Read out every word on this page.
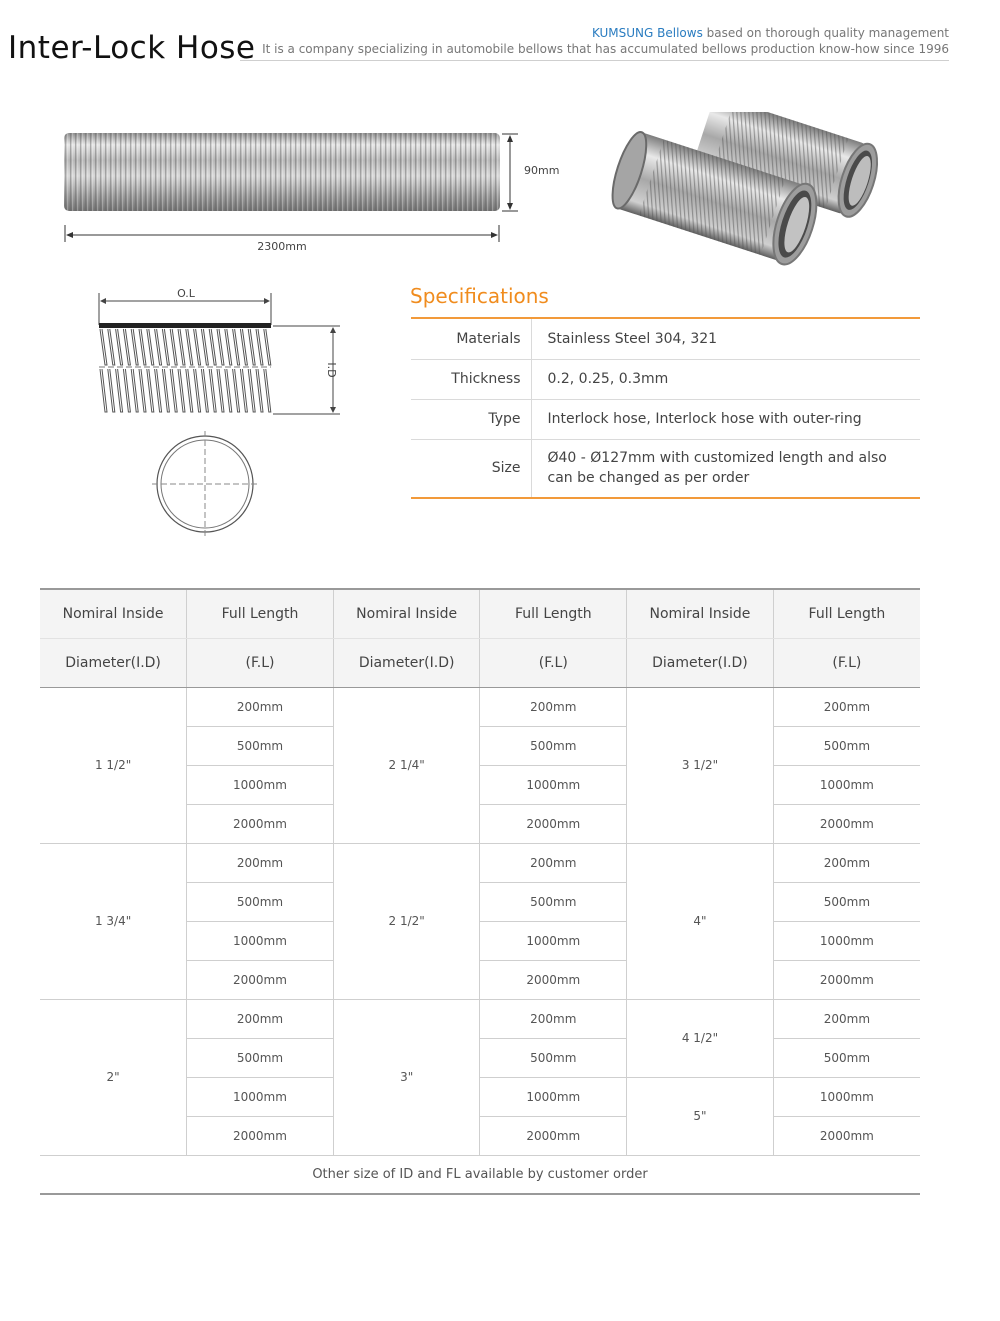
Inter-Lock Hose	KUMSUNG Bellows based on thorough quality management
It is a company specializing in automobile bellows that has accumulated bellows production know-how since 1996
90mm
2300mm
O.L
I.D
Specifications
Materials	Stainless Steel 304, 321
Thickness	0.2, 0.25, 0.3mm
Type	Interlock hose, Interlock hose with outer-ring
Size	Ø40 - Ø127mm with customized length and also can be changed as per order
Nomiral Inside	Full Length	Nomiral Inside	Full Length	Nomiral Inside	Full Length
Diameter(I.D)	(F.L)	Diameter(I.D)	(F.L)	Diameter(I.D)	(F.L)
1 1/2"	200mm	2 1/4"	200mm	3 1/2"	200mm
	500mm		500mm		500mm
	1000mm		1000mm		1000mm
	2000mm		2000mm		2000mm
1 3/4"	200mm	2 1/2"	200mm	4"	200mm
	500mm		500mm		500mm
	1000mm		1000mm		1000mm
	2000mm		2000mm		2000mm
2"	200mm	3"	200mm	4 1/2"	200mm
	500mm		500mm		500mm
	1000mm		1000mm	5"	1000mm
	2000mm		2000mm		2000mm
Other size of ID and FL available by customer order					
